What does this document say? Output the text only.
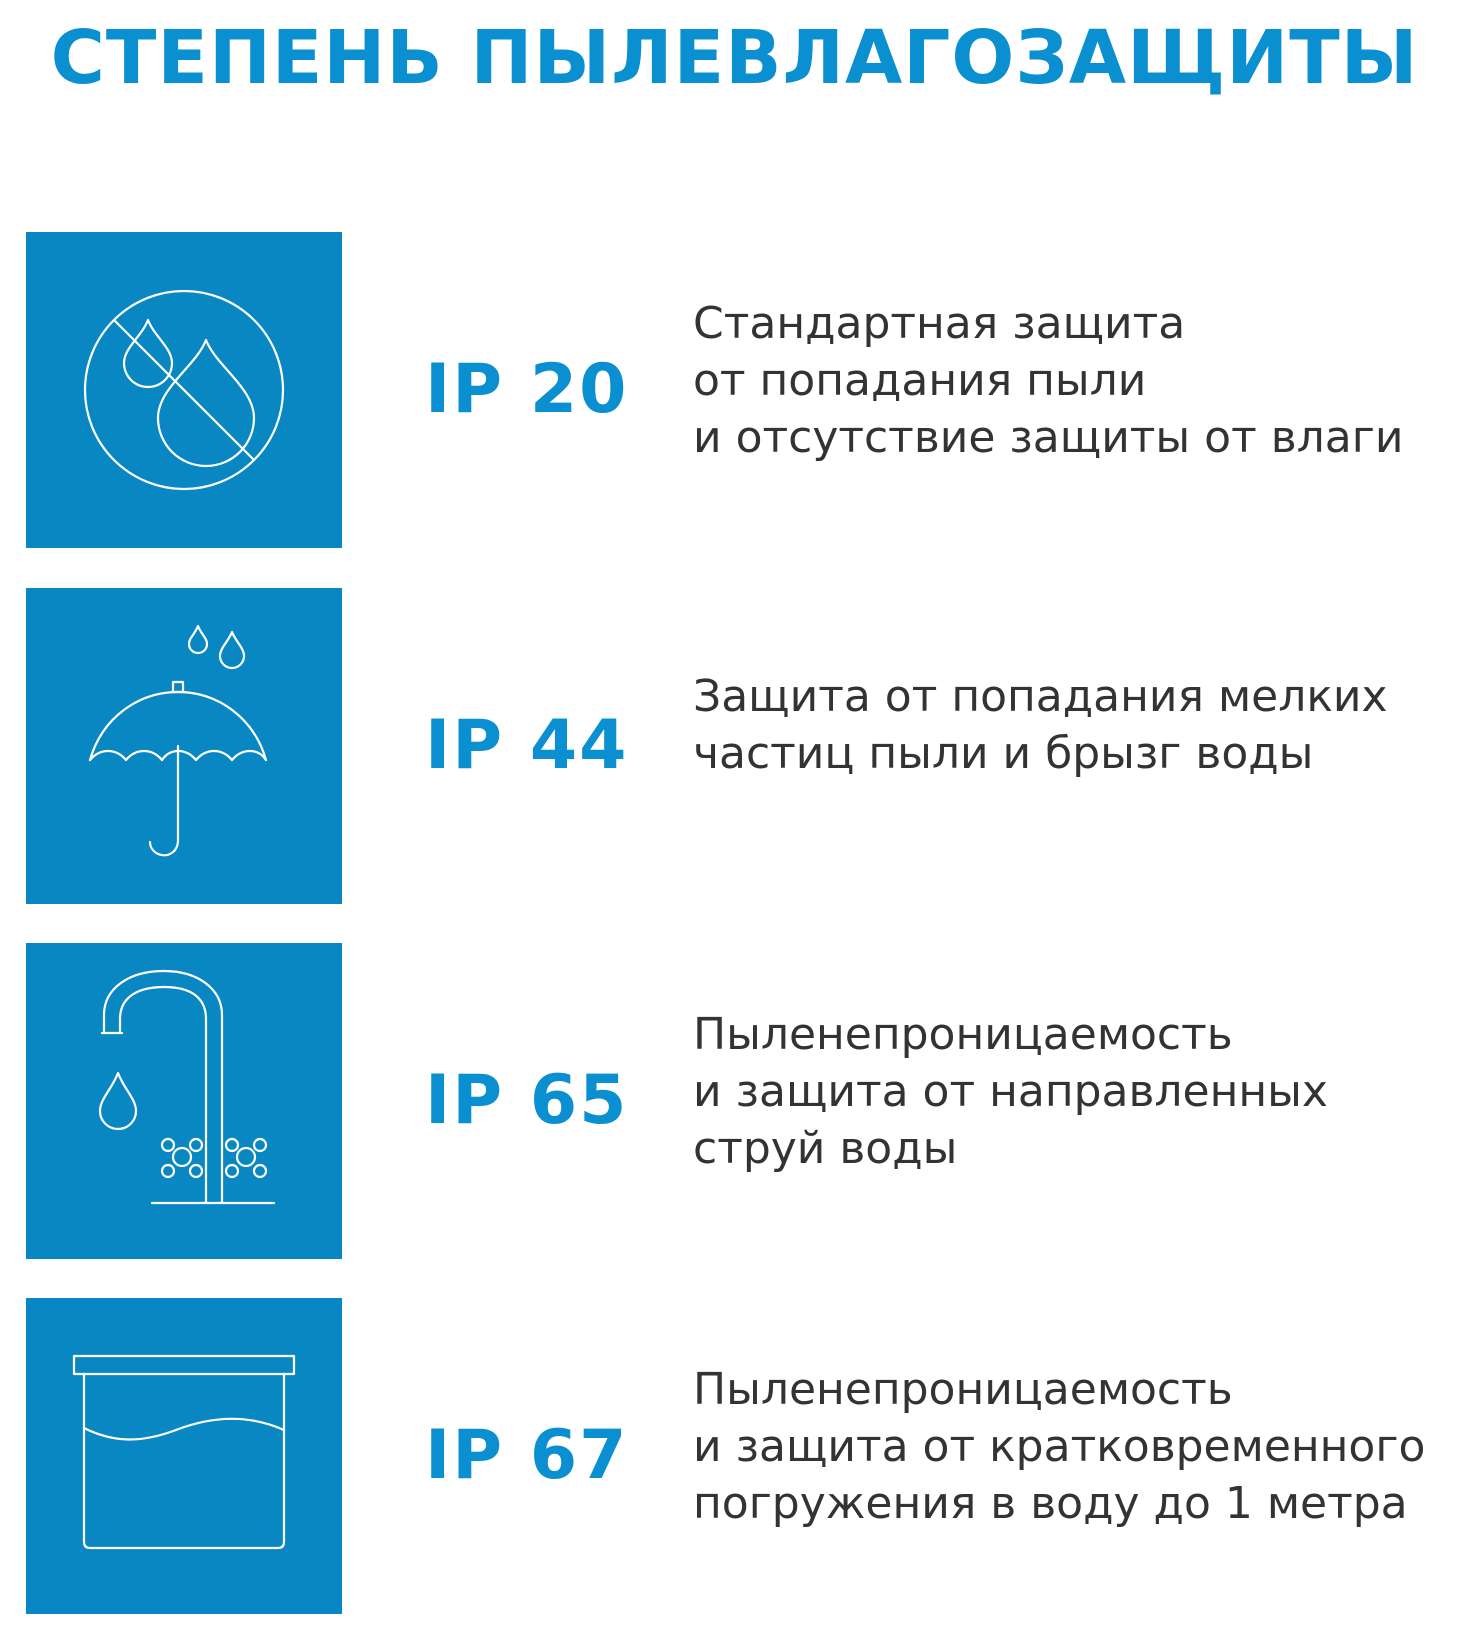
СТЕПЕНЬ ПЫЛЕВЛАГОЗАЩИТЫ
IP 20
Стандартная защита
от попадания пыли
и отсутствие защиты от влаги
IP 44
Защита от попадания мелких
частиц пыли и брызг воды
IP 65
Пыленепроницаемость
и защита от направленных
струй воды
IP 67
Пыленепроницаемость
и защита от кратковременного
погружения в воду до 1 метра
